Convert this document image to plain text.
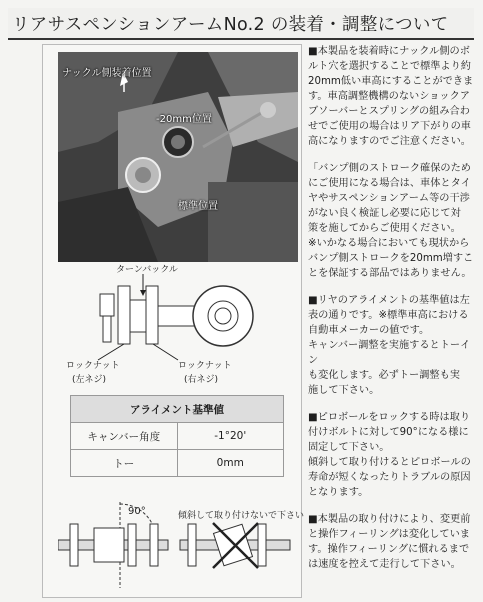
リアサスペンションアームNo.2 の装着・調整について
ナックル側装着位置
-20mm位置
標準位置
ターンバックル
ロックナット
(左ネジ)
ロックナット
(右ネジ)
アライメント基準値	
キャンバー角度	-1°20'
トー	0mm
90°	傾斜して取り付けないで下さい
■本製品を装着時にナックル側のボ
ルト穴を選択することで標準より約
20mm低い車高にすることができま
す。車高調整機構のないショックア
ブソーバーとスプリングの組み合わ
せでご使用の場合はリア下がりの車
高になりますのでご注意ください。
「バンプ側のストローク確保のため
にご使用になる場合は、車体とタイ
ヤやサスペンションアーム等の干渉
がない良く検証し必要に応じて対
策を施してからご使用ください。
※いかなる場合においても現状から
バンプ側ストロークを20mm増すこ
とを保証する部品ではありません。
■リヤのアライメントの基準値は左
表の通りです。※標準車高における
自動車メーカーの値です。
キャンバー調整を実施するとトーイン
も変化します。必ずトー調整も実
施して下さい。
■ピロボールをロックする時は取り
付けボルトに対して90°になる様に
固定して下さい。
傾斜して取り付けるとピロボールの
寿命が短くなったりトラブルの原因
となります。
■本製品の取り付けにより、変更前
と操作フィーリングは変化していま
す。操作フィーリングに慣れるまで
は速度を控えて走行して下さい。
